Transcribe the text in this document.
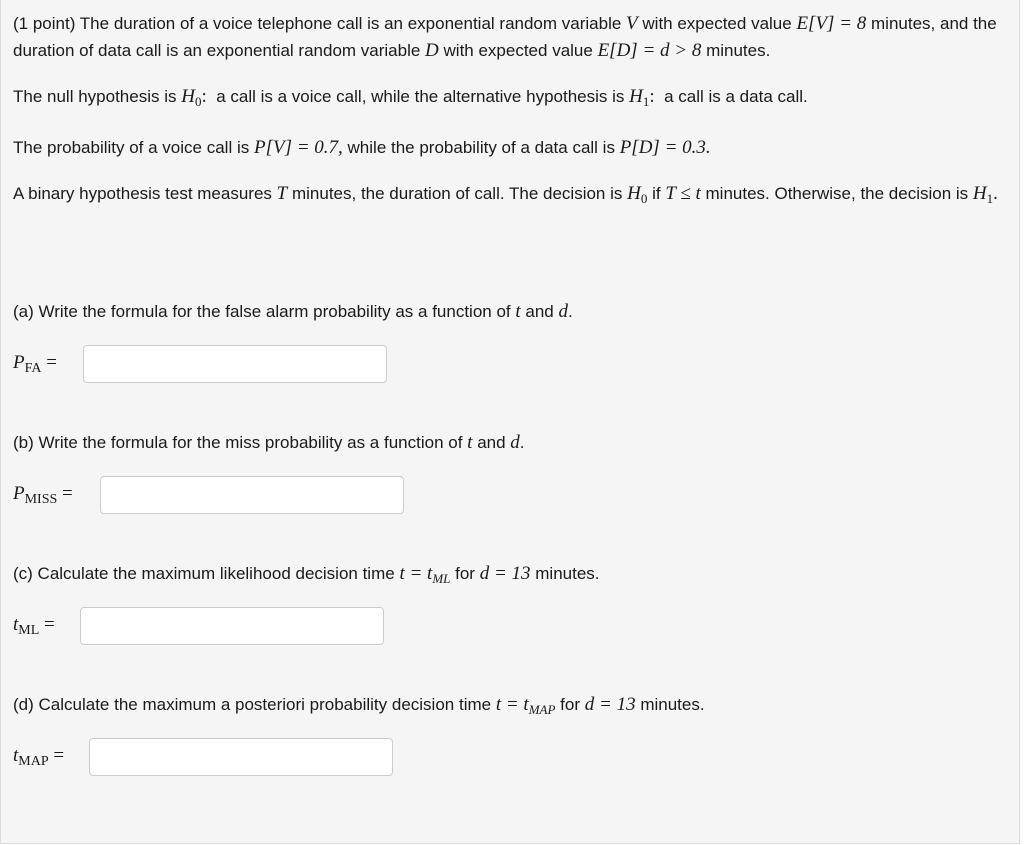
(1 point) The duration of a voice telephone call is an exponential random variable V with expected value E[V] = 8 minutes, and the duration of data call is an exponential random variable D with expected value E[D] = d > 8 minutes.

The null hypothesis is $H_0$: a call is a voice call, while the alternative hypothesis is $H_1$: a call is a data call.

The probability of a voice call is P[V] = 0.7, while the probability of a data call is P[D] = 0.3.

A binary hypothesis test measures T minutes, the duration of call. The decision is $H_0$ if T ≤ t minutes. Otherwise, the decision is $H_1$.

(a) Write the formula for the false alarm probability as a function of t and d.
$P_{FA}$ =
(b) Write the formula for the miss probability as a function of t and d.
$P_{MISS}$ =
(c) Calculate the maximum likelihood decision time $t = t_{ML}$ for d = 13 minutes.
$t_{ML}$ =
(d) Calculate the maximum a posteriori probability decision time $t = t_{MAP}$ for d = 13 minutes.
$t_{MAP}$ =
